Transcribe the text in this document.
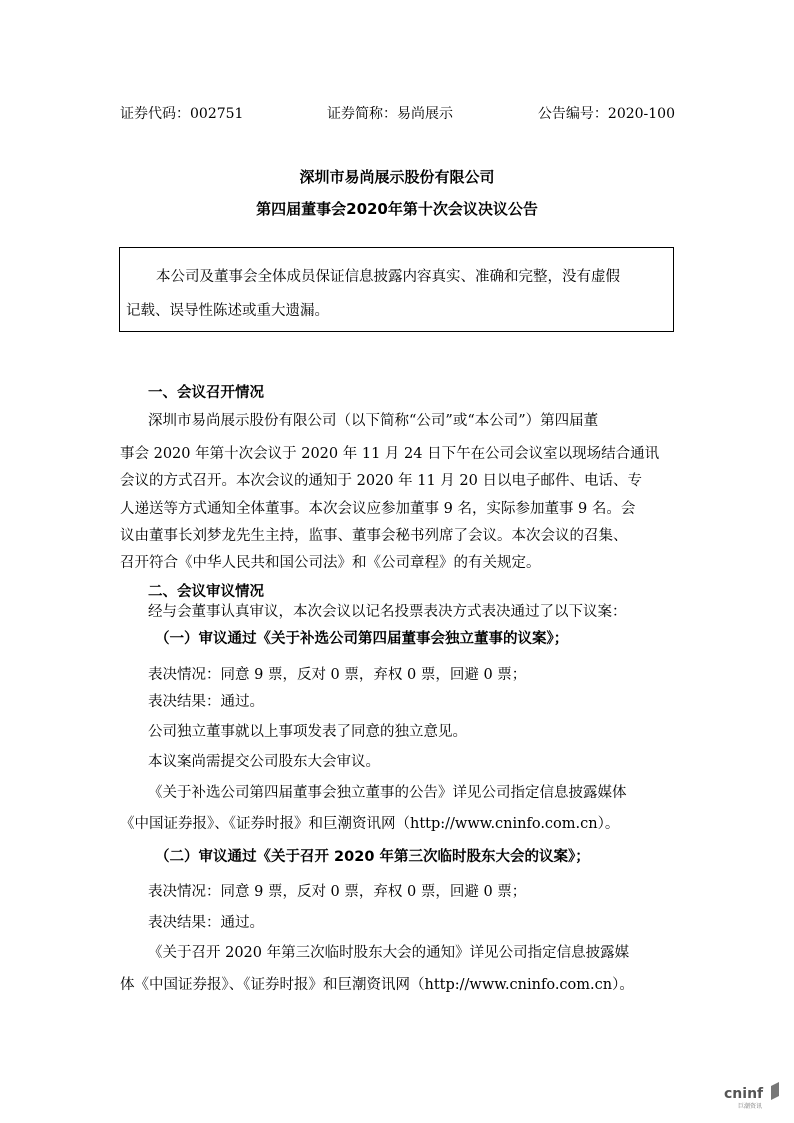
证券代码：002751	证券简称：易尚展示	公告编号：2020-100
深圳市易尚展示股份有限公司
第四届董事会2020年第十次会议决议公告
本公司及董事会全体成员保证信息披露内容真实、准确和完整，没有虚假
记载、误导性陈述或重大遗漏。
一、会议召开情况
深圳市易尚展示股份有限公司（以下简称“公司”或“本公司”）第四届董
事会 2020 年第十次会议于 2020 年 11 月 24 日下午在公司会议室以现场结合通讯
会议的方式召开。本次会议的通知于 2020 年 11 月 20 日以电子邮件、电话、专
人递送等方式通知全体董事。本次会议应参加董事 9 名，实际参加董事 9 名。会
议由董事长刘梦龙先生主持，监事、董事会秘书列席了会议。本次会议的召集、
召开符合《中华人民共和国公司法》和《公司章程》的有关规定。
二、会议审议情况
经与会董事认真审议，本次会议以记名投票表决方式表决通过了以下议案：
（一）审议通过《关于补选公司第四届董事会独立董事的议案》；
表决情况：同意 9 票，反对 0 票，弃权 0 票，回避 0 票；
表决结果：通过。
公司独立董事就以上事项发表了同意的独立意见。
本议案尚需提交公司股东大会审议。
《关于补选公司第四届董事会独立董事的公告》详见公司指定信息披露媒体
《中国证券报》、《证券时报》和巨潮资讯网（http://www.cninfo.com.cn）。
（二）审议通过《关于召开 2020 年第三次临时股东大会的议案》；
表决情况：同意 9 票，反对 0 票，弃权 0 票，回避 0 票；
表决结果：通过。
《关于召开 2020 年第三次临时股东大会的通知》详见公司指定信息披露媒
体《中国证券报》、《证券时报》和巨潮资讯网（http://www.cninfo.com.cn）。
cninf
巨潮资讯
